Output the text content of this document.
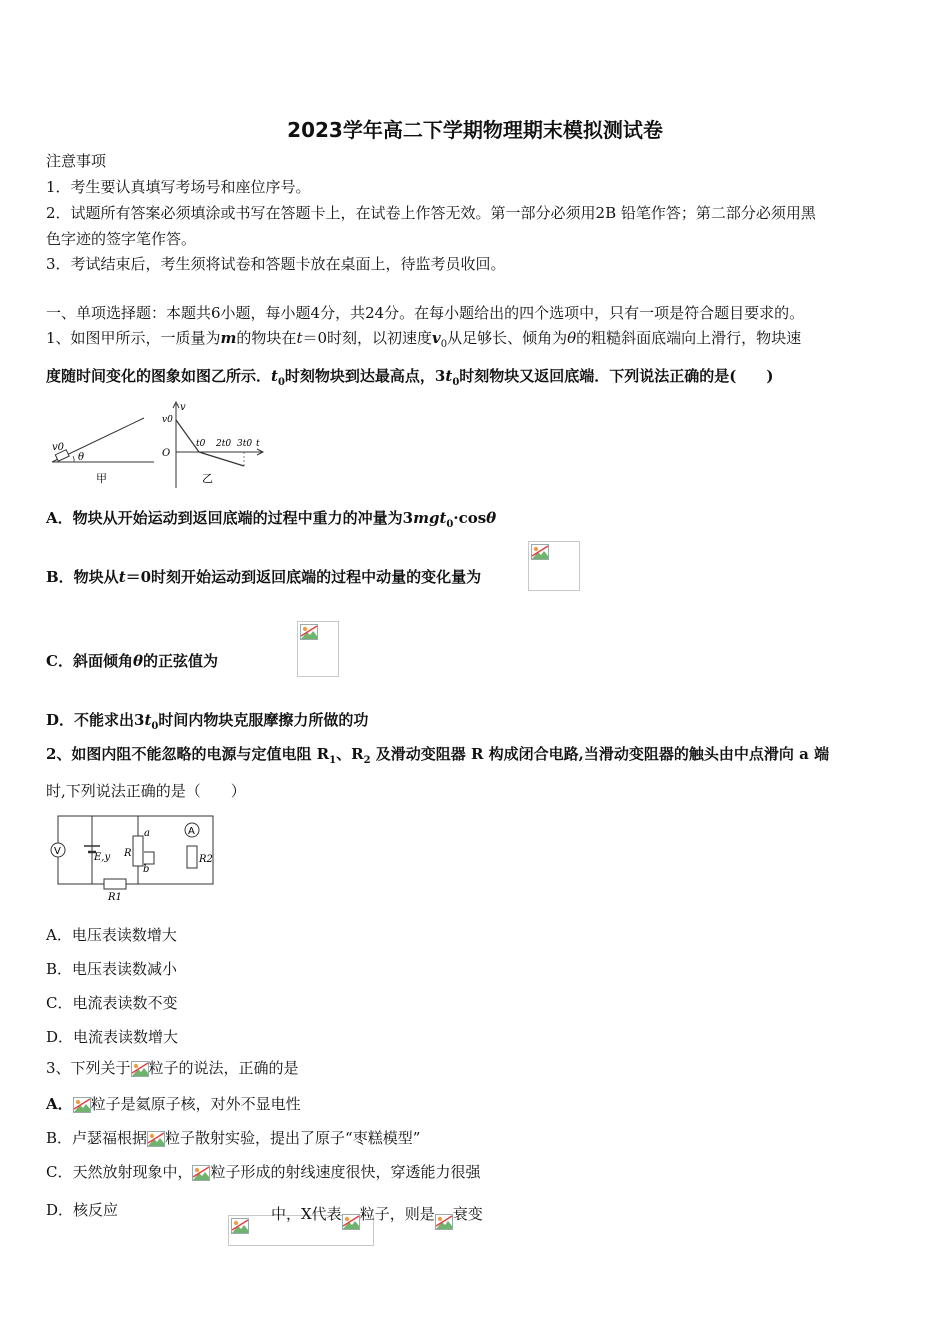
2023学年高二下学期物理期末模拟测试卷
注意事项
1．考生要认真填写考场号和座位序号。
2．试题所有答案必须填涂或书写在答题卡上，在试卷上作答无效。第一部分必须用2B 铅笔作答；第二部分必须用黑
色字迹的签字笔作答。
3．考试结束后，考生须将试卷和答题卡放在桌面上，待监考员收回。
一、单项选择题：本题共6小题，每小题4分，共24分。在每小题给出的四个选项中，只有一项是符合题目要求的。
1、如图甲所示，一质量为m的物块在t＝0时刻，以初速度$v_0$从足够长、倾角为θ的粗糙斜面底端向上滑行，物块速
度随时间变化的图象如图乙所示．$t_0$时刻物块到达最高点，$3t_0$时刻物块又返回底端．下列说法正确的是(　　)
v0
θ
甲
v
v0
O
t0 2t0 3t0 t
乙
A．物块从开始运动到返回底端的过程中重力的冲量为3mgt$_0$·cosθ
B．物块从t＝0时刻开始运动到返回底端的过程中动量的变化量为

C．斜面倾角θ的正弦值为

D．不能求出$3t_0$时间内物块克服摩擦力所做的功
2、如图内阻不能忽略的电源与定值电阻 $R_1$、$R_2$ 及滑动变阻器 R 构成闭合电路,当滑动变阻器的触头由中点滑向 a 端
时,下列说法正确的是（　　）
V
A
E,y R
a
b
R2
R1
A．电压表读数增大
B．电压表读数减小
C．电流表读数不变
D．电流表读数增大
3、下列关于 粒子的说法，正确的是
A． 粒子是氦原子核，对外不显电性
B．卢瑟福根据 粒子散射实验，提出了原子“枣糕模型”
C．天然放射现象中， 粒子形成的射线速度很快，穿透能力很强
D．核反应	中，X代表 粒子，则是 衰变
